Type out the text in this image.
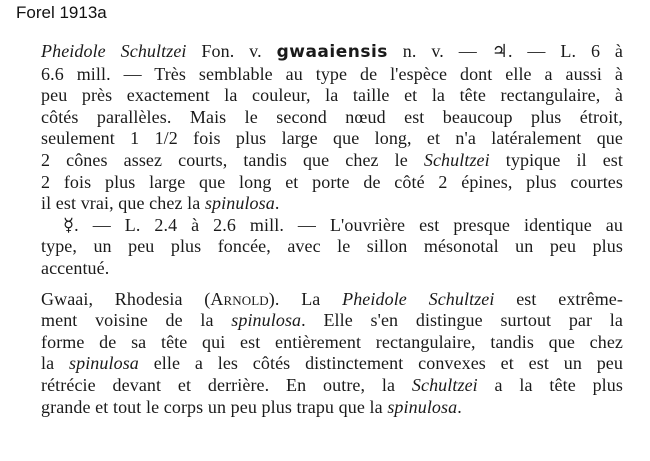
Forel 1913a

Pheidole Schultzei Fon. v. gwaaiensis n. v. — ♃. — L. 6 à
6.6 mill. — Très semblable au type de l'espèce dont elle a aussi à
peu près exactement la couleur, la taille et la tête rectangulaire, à
côtés parallèles. Mais le second nœud est beaucoup plus étroit,
seulement 1 1/2 fois plus large que long, et n'a latéralement que
2 cônes assez courts, tandis que chez le Schultzei typique il est
2 fois plus large que long et porte de côté 2 épines, plus courtes
il est vrai, que chez la spinulosa.

☿. — L. 2.4 à 2.6 mill. — L'ouvrière est presque identique au
type, un peu plus foncée, avec le sillon mésonotal un peu plus
accentué.

Gwaai, Rhodesia (Arnold). La Pheidole Schultzei est extrême-
ment voisine de la spinulosa. Elle s'en distingue surtout par la
forme de sa tête qui est entièrement rectangulaire, tandis que chez
la spinulosa elle a les côtés distinctement convexes et est un peu
rétrécie devant et derrière. En outre, la Schultzei a la tête plus
grande et tout le corps un peu plus trapu que la spinulosa.
